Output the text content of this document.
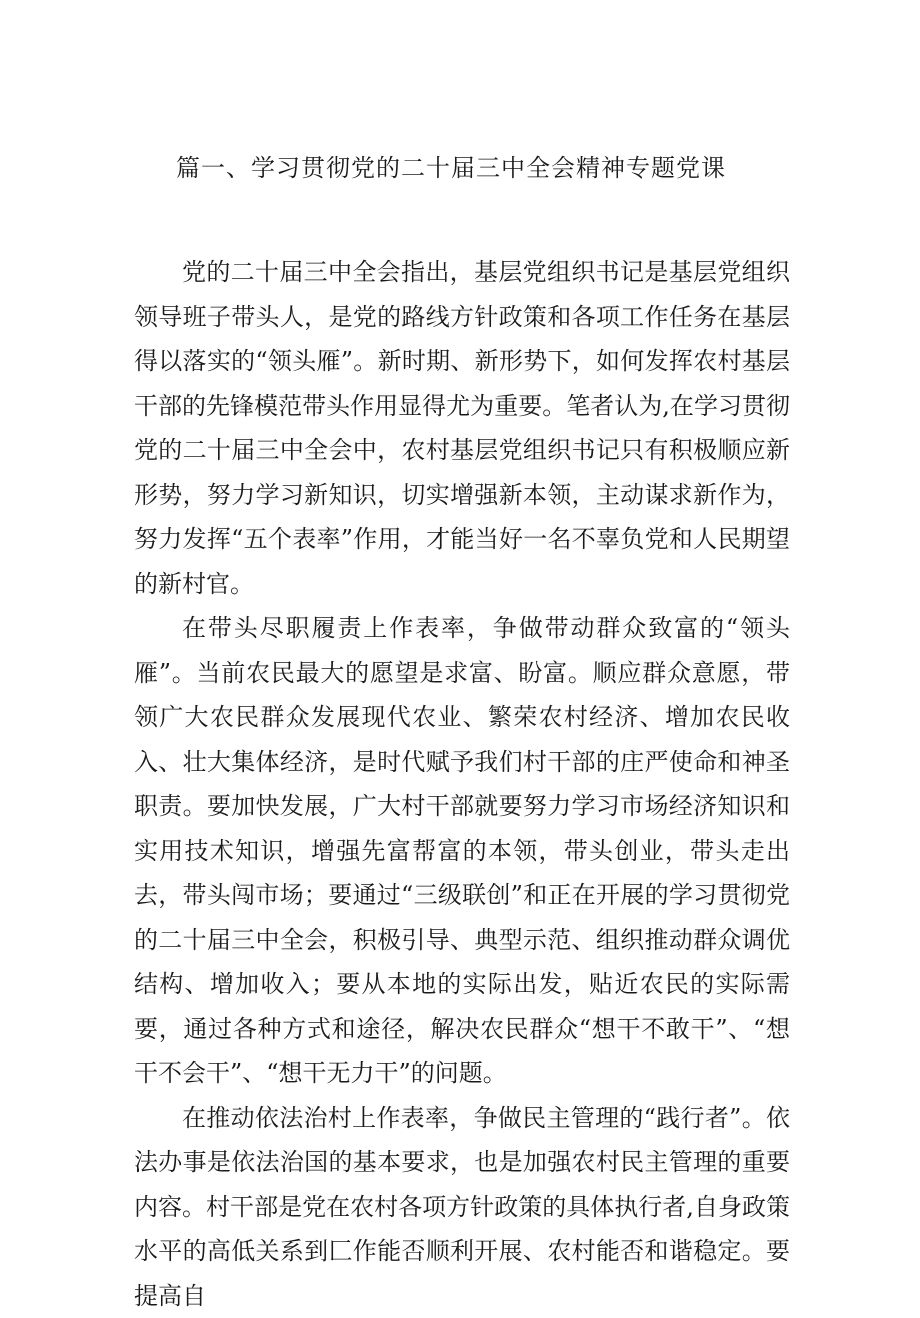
篇一、学习贯彻党的二十届三中全会精神专题党课

党的二十届三中全会指出，基层党组织书记是基层党组织领导班子带头人，是党的路线方针政策和各项工作任务在基层得以落实的“领头雁”。新时期、新形势下，如何发挥农村基层干部的先锋模范带头作用显得尤为重要。笔者认为,在学习贯彻党的二十届三中全会中，农村基层党组织书记只有积极顺应新形势，努力学习新知识，切实增强新本领，主动谋求新作为，努力发挥“五个表率”作用，才能当好一名不辜负党和人民期望的新村官。

在带头尽职履责上作表率，争做带动群众致富的“领头雁”。当前农民最大的愿望是求富、盼富。顺应群众意愿，带领广大农民群众发展现代农业、繁荣农村经济、增加农民收入、壮大集体经济，是时代赋予我们村干部的庄严使命和神圣职责。要加快发展，广大村干部就要努力学习市场经济知识和实用技术知识，增强先富帮富的本领，带头创业，带头走出去，带头闯市场；要通过“三级联创”和正在开展的学习贯彻党的二十届三中全会，积极引导、典型示范、组织推动群众调优结构、增加收入；要从本地的实际出发，贴近农民的实际需要，通过各种方式和途径，解决农民群众“想干不敢干”、“想干不会干”、“想干无力干”的问题。

在推动依法治村上作表率，争做民主管理的“践行者”。依法办事是依法治国的基本要求，也是加强农村民主管理的重要内容。村干部是党在农村各项方针政策的具体执行者,自身政策水平的高低关系到匚作能否顺利开展、农村能否和谐稳定。要提高自
